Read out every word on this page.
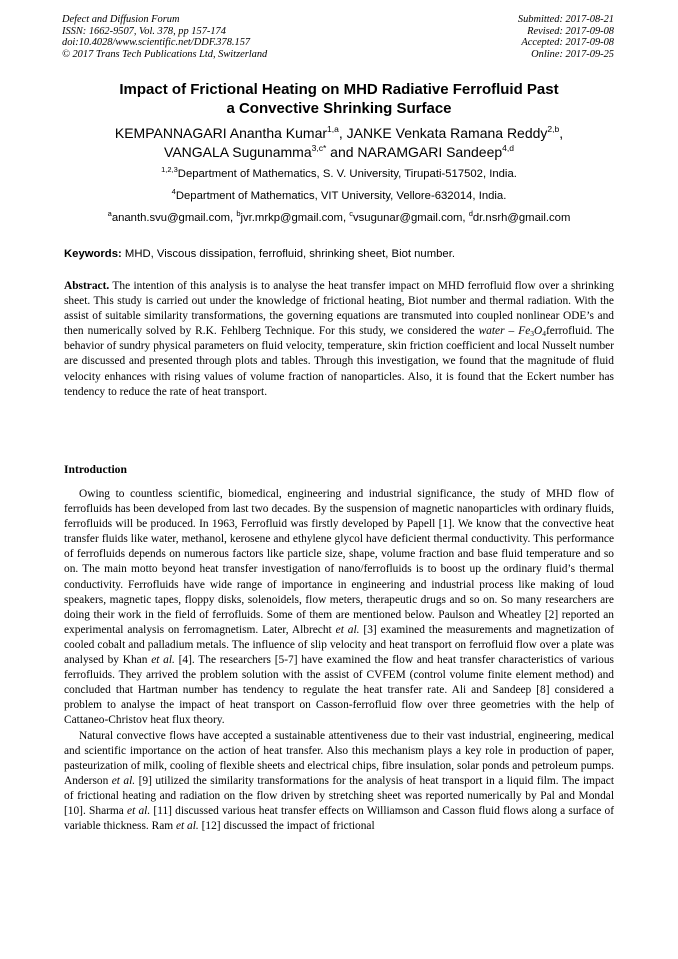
Defect and Diffusion Forum
ISSN: 1662-9507, Vol. 378, pp 157-174
doi:10.4028/www.scientific.net/DDF.378.157
© 2017 Trans Tech Publications Ltd, Switzerland
Submitted: 2017-08-21
Revised: 2017-09-08
Accepted: 2017-09-08
Online: 2017-09-25
Impact of Frictional Heating on MHD Radiative Ferrofluid Past
a Convective Shrinking Surface
KEMPANNAGARI Anantha Kumar$^{1,a}$, JANKE Venkata Ramana Reddy$^{2,b}$,
VANGALA Sugunamma$^{3,c*}$ and NARAMGARI Sandeep$^{4,d}$
$^{1,2,3}$Department of Mathematics, S. V. University, Tirupati-517502, India.
$^4$Department of Mathematics, VIT University, Vellore-632014, India.
$^a$ananth.svu@gmail.com, $^b$jvr.mrkp@gmail.com, $^c$vsugunar@gmail.com, $^d$dr.nsrh@gmail.com
Keywords: MHD, Viscous dissipation, ferrofluid, shrinking sheet, Biot number.

Abstract. The intention of this analysis is to analyse the heat transfer impact on MHD ferrofluid flow over a shrinking sheet. This study is carried out under the knowledge of frictional heating, Biot number and thermal radiation. With the assist of suitable similarity transformations, the governing equations are transmuted into coupled nonlinear ODE’s and then numerically solved by R.K. Fehlberg Technique. For this study, we considered the water – $Fe_3O_4ferrofluid$. The behavior of sundry physical parameters on fluid velocity, temperature, skin friction coefficient and local Nusselt number are discussed and presented through plots and tables. Through this investigation, we found that the magnitude of fluid velocity enhances with rising values of volume fraction of nanoparticles. Also, it is found that the Eckert number has tendency to reduce the rate of heat transport.

Introduction

Owing to countless scientific, biomedical, engineering and industrial significance, the study of MHD flow of ferrofluids has been developed from last two decades. By the suspension of magnetic nanoparticles with ordinary fluids, ferrofluids will be produced. In 1963, Ferrofluid was firstly developed by Papell [1]. We know that the convective heat transfer fluids like water, methanol, kerosene and ethylene glycol have deficient thermal conductivity. This performance of ferrofluids depends on numerous factors like particle size, shape, volume fraction and base fluid temperature and so on. The main motto beyond heat transfer investigation of nano/ferrofluids is to boost up the ordinary fluid’s thermal conductivity. Ferrofluids have wide range of importance in engineering and industrial process like making of loud speakers, magnetic tapes, floppy disks, solenoidels, flow meters, therapeutic drugs and so on. So many researchers are doing their work in the field of ferrofluids. Some of them are mentioned below. Paulson and Wheatley [2] reported an experimental analysis on ferromagnetism. Later, Albrecht et al. [3] examined the measurements and magnetization of cooled cobalt and palladium metals. The influence of slip velocity and heat transport on ferrofluid flow over a plate was analysed by Khan et al. [4]. The researchers [5-7] have examined the flow and heat transfer characteristics of various ferrofluids. They arrived the problem solution with the assist of CVFEM (control volume finite element method) and concluded that Hartman number has tendency to regulate the heat transfer rate. Ali and Sandeep [8] considered a problem to analyse the impact of heat transport on Casson-ferrofluid flow over three geometries with the help of Cattaneo-Christov heat flux theory.

Natural convective flows have accepted a sustainable attentiveness due to their vast industrial, engineering, medical and scientific importance on the action of heat transfer. Also this mechanism plays a key role in production of paper, pasteurization of milk, cooling of flexible sheets and electrical chips, fibre insulation, solar ponds and petroleum pumps. Anderson et al. [9] utilized the similarity transformations for the analysis of heat transport in a liquid film. The impact of frictional heating and radiation on the flow driven by stretching sheet was reported numerically by Pal and Mondal [10]. Sharma et al. [11] discussed various heat transfer effects on Williamson and Casson fluid flows along a surface of variable thickness. Ram et al. [12] discussed the impact of frictional
